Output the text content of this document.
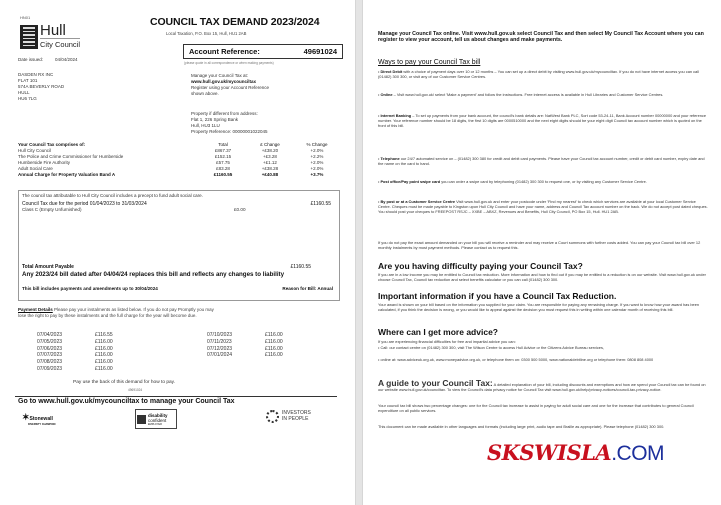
HN01
Hull
City Council
COUNCIL TAX DEMAND 2023/2024
Local Taxation, P.O. Box 15, Hull, HU1 2AB
Account Reference:	49691024
(please quote in all correspondence or when making payments)
Date issued:	04/04/2024
DASDEN RX INC
FLAT 101
574A BEVERLY ROAD
HULL
HU6 7LG
Manage your Council Tax at:
www.hull.gov.uk/mycounciltax
Register using your Account Reference
shown above.
Property if different from address:
Flat 1, 226 Spring Bank
Hull, HU3 1LU
Property Reference: 00000001022045
Your Council Tax comprises of:	Total	£ Change	% Change
Hull City Council	£867.37	+£38.20	+2.0%
The Police and Crime Commissioner for Humberside	£152.15	+£3.28	+2.2%
Humberside Fire Authority	£57.75	+£1.12	+2.0%
Adult Social Care	£83.28	+£38.28	+2.0%
Annual Charge for Property Valuation Band A	£1160.55	+£40.88	+3.7%
The council tax attributable to Hull City Council includes a precept to fund adult social care.
Council Tax due for the period 01/04/2023 to 31/03/2024	£1160.55
Class C (Empty Unfurnished)	£0.00
Total Amount Payable	£1160.55
Any 2023/24 bill dated after 04/04/24 replaces this bill and reflects any changes to liability
This bill includes payments and amendments up to 30/04/2024	Reason for Bill: Annual
Payment Details Please pay your instalments as listed below. If you do not pay Promptly you may lose the right to pay by these instalments and the full charge for the year will become due.
07/04/2023	£116.55
07/05/2023	£116.00
07/06/2023	£116.00
07/07/2023	£116.00
07/08/2023	£116.00
07/09/2023	£116.00
07/10/2023	£116.00
07/11/2023	£116.00
07/12/2023	£116.00
07/01/2024	£116.00
Pay use the back of this demand for how to pay.
49691024
Go to www.hull.gov.uk/mycounciltax to manage your Council Tax
✶Stonewall
DIVERSITY CHAMPION
disability
confident
EMPLOYER
INVESTORS
IN PEOPLE
Manage your Council Tax online. Visit www.hull.gov.uk select Council Tax and then select My Council Tax Account where you can register to view your account, tell us about changes and make payments.
Ways to pay your Council Tax bill
• Direct Debit with a choice of payment days over 10 or 12 months – You can set up a direct debit by visiting www.hull.gov.uk/mycounciltax. If you do not have internet access you can call (01482) 300 300, or visit any of our Customer Service Centres.
• Online – Visit www.hull.gov.uk/ select 'Make a payment' and follow the instructions. Free internet access is available in Hull Libraries and Customer Service Centres.
• Internet Banking – To set up payments from your bank account, the council's bank details are: NatWest Bank PLC, Sort code 53-24-11, Bank Account number 00000000 and your reference number. Your reference number should be 18 digits, the first 10 digits are 0000510000 and the next eight digits should be your eight digit Council tax account number which is quoted on the front of this bill.
• Telephone our 24/7 automated service on – (01482) 300 380 for credit and debit card payments. Please have your Council tax account number, credit or debit card number, expiry date and the name on the card to hand.
• Post office/Pay point swipe card you can order a swipe card by telephoning (01482) 300 300 to request one, or by visiting any Customer Service Centre.
• By post or at a Customer Service Centre Visit www.hull.gov.uk and enter your postcode under 'Find my nearest' to check which services are available at your local Customer Service Centre. Cheques must be made payable to Kingston upon Hull City Council and have your name, address and Council Tax account number on the back. We do not accept post dated cheques. You should post your cheques to FREEPOST RSJC – XXBE – ABXZ, Revenues and Benefits, Hull City Council, PO Box 15, Hull. HU1 2AB.
If you do not pay the exact amount demanded on your bill you will receive a reminder and may receive a Court summons with further costs added. You can pay your Council tax bill over 12 monthly instalments by most payment methods. Please contact us to request this.
Are you having difficulty paying your Council Tax?
If you are in a low income you may be entitled to Council tax reduction. More information and how to find out if you may be entitled to a reduction is on our website. Visit www.hull.gov.uk under choose Council Tax, Council tax reduction and select benefits calculator or you can call (01482) 300 300.
Important information if you have a Council Tax Reduction.
Your award is shown on your bill based on the information you supplied for your claim. You are responsible for paying any remaining charge. If you want to know how your award has been calculated, if you think the decision is wrong, or you would like to appeal against the decision you must request this in writing within one calendar month of receiving this bill.
Where can I get more advice?
If you are experiencing financial difficulties for free and impartial advice you can:
• Call: our contact centre on (01482) 300 300, visit The Wilson Centre to access Hull Advice or the Citizens Advice Bureau services,
• online at: www.adviceuk.org.uk, www.moneyadvice.org.uk, or telephone them on: 0300 500 5000, www.nationaldebtline.org or telephone them: 0808 808 4000
A guide to your Council Tax: A detailed explanation of your bill, including discounts and exemptions and how we spend your Council tax can be found on our website www.hull.gov.uk/counciltax. To view the Council's data privacy notice for Council Tax visit www.hull.gov.uk/help/privacy-notices/council-tax-privacy-notice.
Your council tax bill shows two percentage changes: one for the Council tax increase to assist in paying for adult social care and one for the increase that contributes to general Council expenditure on all public services.
This document can be made available in other languages and formats (including large print, audio tape and Braille as appropriate). Please telephone (01482) 300 300.
SKSWISLA.COM
